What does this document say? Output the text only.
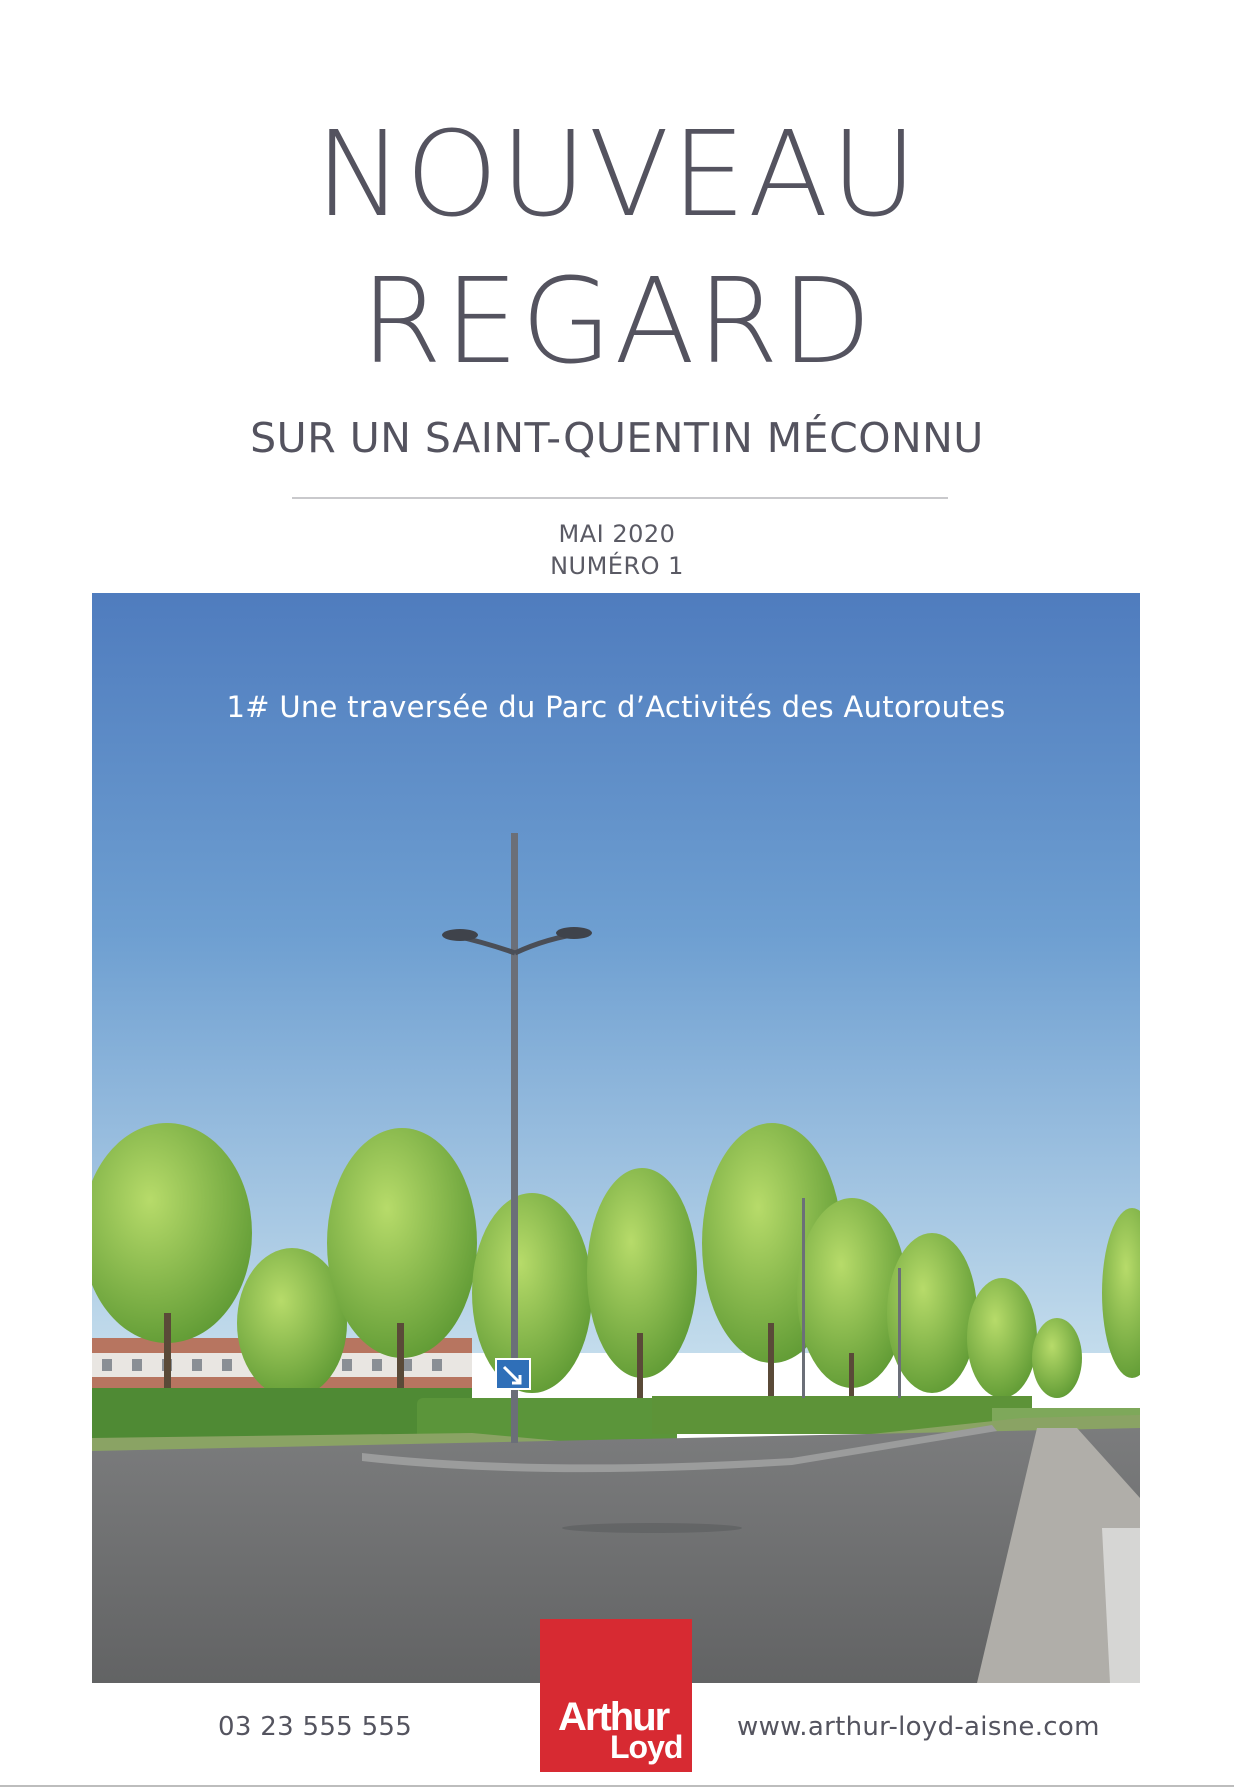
NOUVEAU
REGARD
SUR UN SAINT-QUENTIN MÉCONNU
MAI 2020
NUMÉRO 1
1# Une traversée du Parc d’Activités des Autoroutes
Arthur
Loyd
03 23 555 555	www.arthur-loyd-aisne.com
